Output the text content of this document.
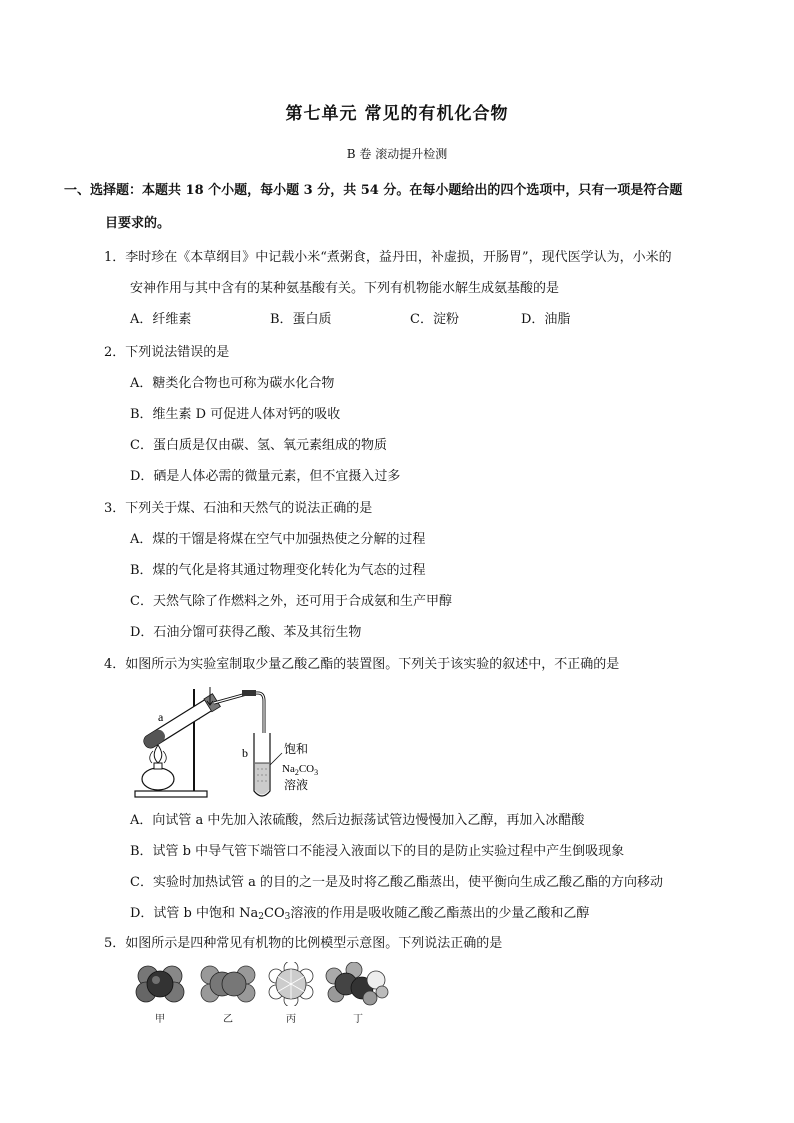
第七单元 常见的有机化合物
B 卷 滚动提升检测
一、选择题：本题共 18 个小题，每小题 3 分，共 54 分。在每小题给出的四个选项中，只有一项是符合题
目要求的。
1．李时珍在《本草纲目》中记载小米“煮粥食，益丹田，补虚损，开肠胃”，现代医学认为，小米的
安神作用与其中含有的某种氨基酸有关。下列有机物能水解生成氨基酸的是
A．纤维素	B．蛋白质	C．淀粉	D．油脂
2．下列说法错误的是
A．糖类化合物也可称为碳水化合物
B．维生素 D 可促进人体对钙的吸收
C．蛋白质是仅由碳、氢、氧元素组成的物质
D．硒是人体必需的微量元素，但不宜摄入过多
3．下列关于煤、石油和天然气的说法正确的是
A．煤的干馏是将煤在空气中加强热使之分解的过程
B．煤的气化是将其通过物理变化转化为气态的过程
C．天然气除了作燃料之外，还可用于合成氨和生产甲醇
D．石油分馏可获得乙酸、苯及其衍生物
4．如图所示为实验室制取少量乙酸乙酯的装置图。下列关于该实验的叙述中，不正确的是
a
b	饱和
$Na_2CO_3$
溶液
A．向试管 a 中先加入浓硫酸，然后边振荡试管边慢慢加入乙醇，再加入冰醋酸
B．试管 b 中导气管下端管口不能浸入液面以下的目的是防止实验过程中产生倒吸现象
C．实验时加热试管 a 的目的之一是及时将乙酸乙酯蒸出，使平衡向生成乙酸乙酯的方向移动
D．试管 b 中饱和 $Na_2CO_3$溶液的作用是吸收随乙酸乙酯蒸出的少量乙酸和乙醇
5．如图所示是四种常见有机物的比例模型示意图。下列说法正确的是
甲	乙	丙	丁
